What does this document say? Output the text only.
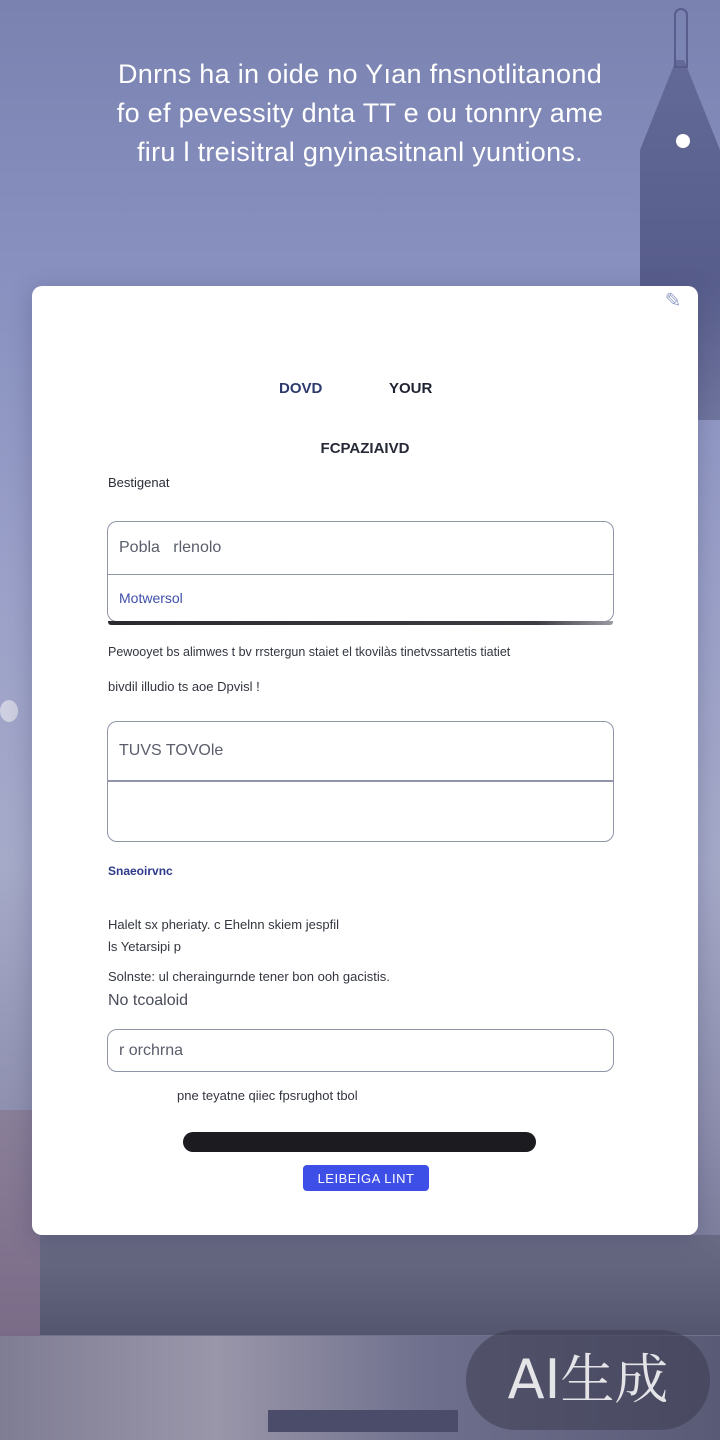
Dnrns ha in oide no Yıan fnsnotlitanond
fo ef pevessity dnta TT e ou tonnry ame
firu l treisitral gnyinasitnanl yuntions.
✎
DOVD	YOUR
FCPAZIAIVD
Bestigenat
Pobla rlenolo
Motwersol
Pewooyet bs alimwes t bv rrstergun staiet el tkovilàs tinetvssartetis tiatiet
bivdil illudio ts aoe Dpvisl !
TUVS TOVOle
Snaeoirvnc
Halelt sx pheriaty. c Ehelnn skiem jespfil
ls Yetarsipi p
Solnste: ul cheraingurnde tener bon ooh gacistis.
No tcoaloid
r orchrna
pne teyatne qiiec fpsrughot tbol
LEIBEIGA LINT
AI生成
